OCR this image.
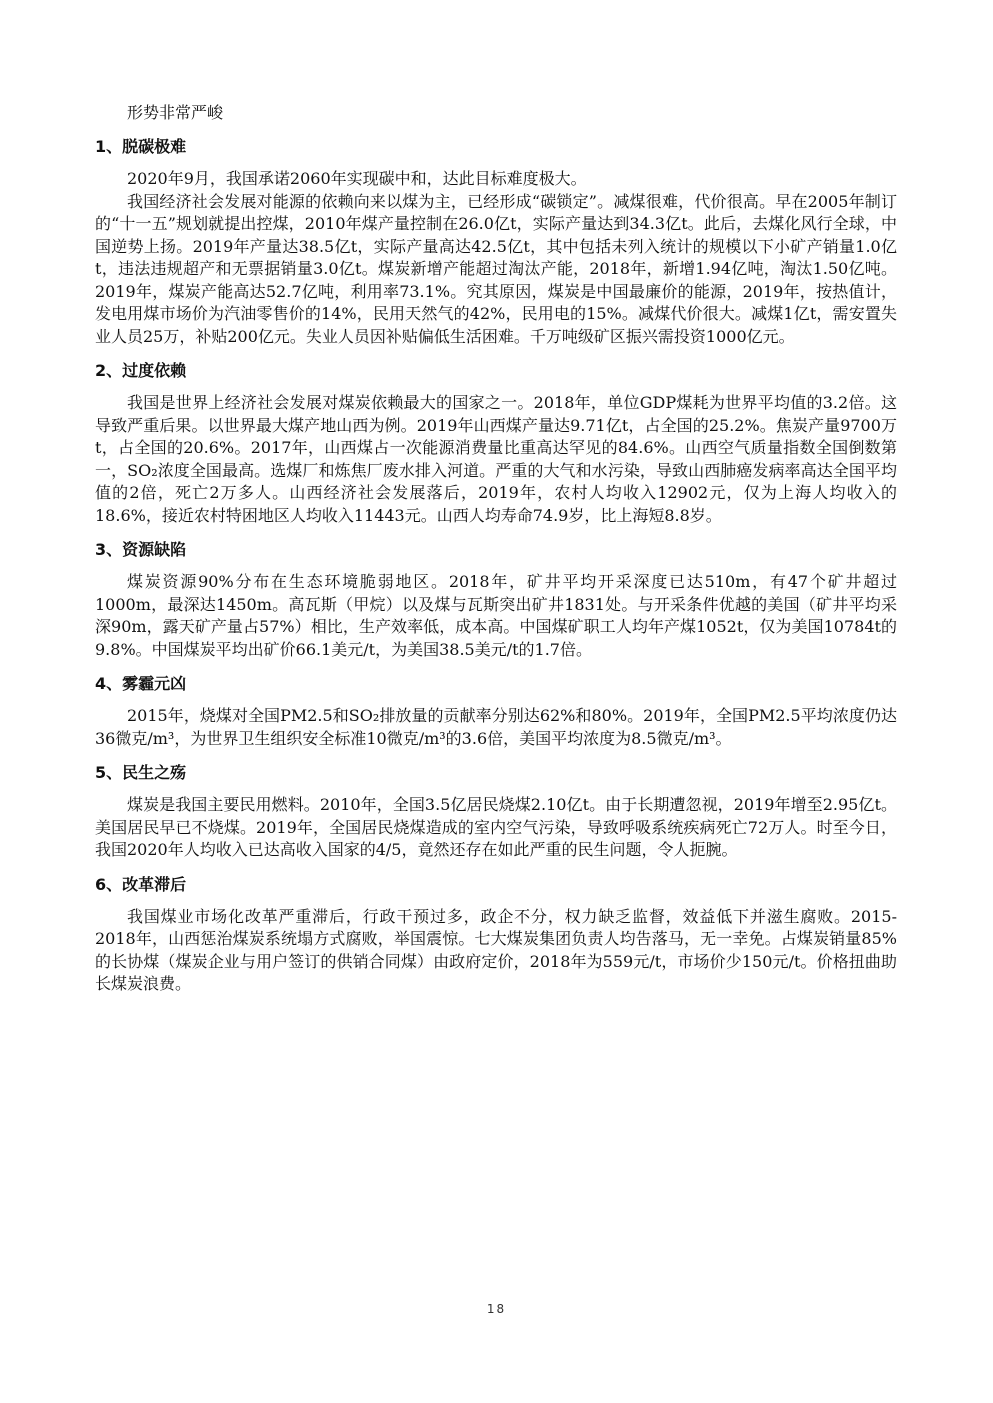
形势非常严峻

1、脱碳极难

2020年9月，我国承诺2060年实现碳中和，达此目标难度极大。

我国经济社会发展对能源的依赖向来以煤为主，已经形成“碳锁定”。减煤很难，代价很高。早在2005年制订的“十一五”规划就提出控煤，2010年煤产量控制在26.0亿t，实际产量达到34.3亿t。此后，去煤化风行全球，中国逆势上扬。2019年产量达38.5亿t，实际产量高达42.5亿t，其中包括未列入统计的规模以下小矿产销量1.0亿t，违法违规超产和无票据销量3.0亿t。煤炭新增产能超过淘汰产能，2018年，新增1.94亿吨，淘汰1.50亿吨。2019年，煤炭产能高达52.7亿吨，利用率73.1%。究其原因，煤炭是中国最廉价的能源，2019年，按热值计，发电用煤市场价为汽油零售价的14%，民用天然气的42%，民用电的15%。减煤代价很大。减煤1亿t，需安置失业人员25万，补贴200亿元。失业人员因补贴偏低生活困难。千万吨级矿区振兴需投资1000亿元。

2、过度依赖

我国是世界上经济社会发展对煤炭依赖最大的国家之一。2018年，单位GDP煤耗为世界平均值的3.2倍。这导致严重后果。以世界最大煤产地山西为例。2019年山西煤产量达9.71亿t，占全国的25.2%。焦炭产量9700万t，占全国的20.6%。2017年，山西煤占一次能源消费量比重高达罕见的84.6%。山西空气质量指数全国倒数第一，SO₂浓度全国最高。选煤厂和炼焦厂废水排入河道。严重的大气和水污染，导致山西肺癌发病率高达全国平均值的2倍，死亡2万多人。山西经济社会发展落后，2019年，农村人均收入12902元，仅为上海人均收入的18.6%，接近农村特困地区人均收入11443元。山西人均寿命74.9岁，比上海短8.8岁。

3、资源缺陷

煤炭资源90%分布在生态环境脆弱地区。2018年，矿井平均开采深度已达510m，有47个矿井超过1000m，最深达1450m。高瓦斯（甲烷）以及煤与瓦斯突出矿井1831处。与开采条件优越的美国（矿井平均采深90m，露天矿产量占57%）相比，生产效率低，成本高。中国煤矿职工人均年产煤1052t，仅为美国10784t的9.8%。中国煤炭平均出矿价66.1美元/t，为美国38.5美元/t的1.7倍。

4、雾霾元凶

2015年，烧煤对全国PM2.5和SO₂排放量的贡献率分别达62%和80%。2019年，全国PM2.5平均浓度仍达36微克/m³，为世界卫生组织安全标准10微克/m³的3.6倍，美国平均浓度为8.5微克/m³。

5、民生之殇

煤炭是我国主要民用燃料。2010年，全国3.5亿居民烧煤2.10亿t。由于长期遭忽视，2019年增至2.95亿t。美国居民早已不烧煤。2019年，全国居民烧煤造成的室内空气污染，导致呼吸系统疾病死亡72万人。时至今日，我国2020年人均收入已达高收入国家的4/5，竟然还存在如此严重的民生问题，令人扼腕。

6、改革滞后

我国煤业市场化改革严重滞后，行政干预过多，政企不分，权力缺乏监督，效益低下并滋生腐败。2015-2018年，山西惩治煤炭系统塌方式腐败，举国震惊。七大煤炭集团负责人均告落马，无一幸免。占煤炭销量85%的长协煤（煤炭企业与用户签订的供销合同煤）由政府定价，2018年为559元/t，市场价少150元/t。价格扭曲助长煤炭浪费。

18
